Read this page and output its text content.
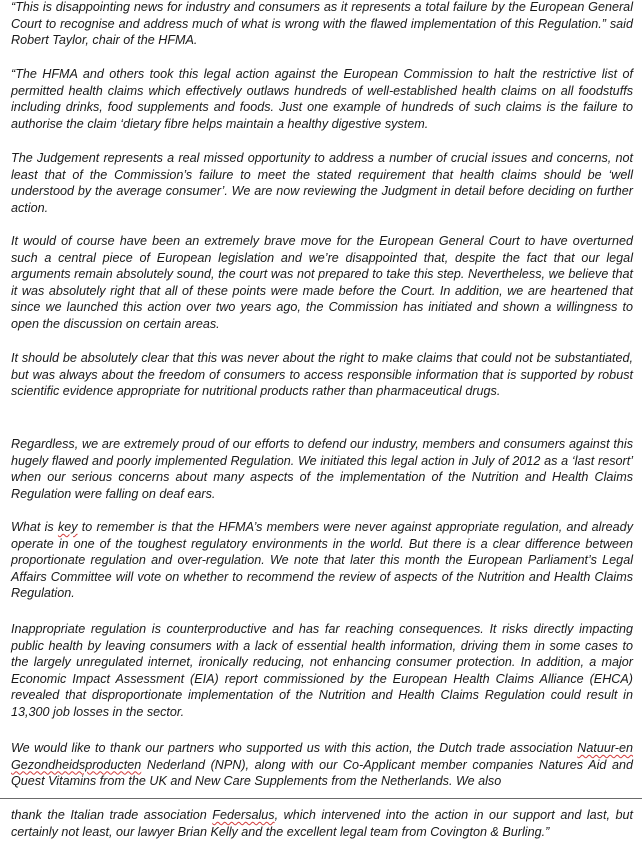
“This is disappointing news for industry and consumers as it represents a total failure by the European General Court to recognise and address much of what is wrong with the flawed implementation of this Regulation.” said Robert Taylor, chair of the HFMA.

“The HFMA and others took this legal action against the European Commission to halt the restrictive list of permitted health claims which effectively outlaws hundreds of well-established health claims on all foodstuffs including drinks, food supplements and foods. Just one example of hundreds of such claims is the failure to authorise the claim ‘dietary fibre helps maintain a healthy digestive system.

The Judgement represents a real missed opportunity to address a number of crucial issues and concerns, not least that of the Commission’s failure to meet the stated requirement that health claims should be ‘well understood by the average consumer’. We are now reviewing the Judgment in detail before deciding on further action.

It would of course have been an extremely brave move for the European General Court to have overturned such a central piece of European legislation and we’re disappointed that, despite the fact that our legal arguments remain absolutely sound, the court was not prepared to take this step. Nevertheless, we believe that it was absolutely right that all of these points were made before the Court. In addition, we are heartened that since we launched this action over two years ago, the Commission has initiated and shown a willingness to open the discussion on certain areas.

It should be absolutely clear that this was never about the right to make claims that could not be substantiated, but was always about the freedom of consumers to access responsible information that is supported by robust scientific evidence appropriate for nutritional products rather than pharmaceutical drugs.

Regardless, we are extremely proud of our efforts to defend our industry, members and consumers against this hugely flawed and poorly implemented Regulation. We initiated this legal action in July of 2012 as a ‘last resort’ when our serious concerns about many aspects of the implementation of the Nutrition and Health Claims Regulation were falling on deaf ears.

What is key to remember is that the HFMA’s members were never against appropriate regulation, and already operate in one of the toughest regulatory environments in the world. But there is a clear difference between proportionate regulation and over-regulation. We note that later this month the European Parliament’s Legal Affairs Committee will vote on whether to recommend the review of aspects of the Nutrition and Health Claims Regulation.

Inappropriate regulation is counterproductive and has far reaching consequences. It risks directly impacting public health by leaving consumers with a lack of essential health information, driving them in some cases to the largely unregulated internet, ironically reducing, not enhancing consumer protection. In addition, a major Economic Impact Assessment (EIA) report commissioned by the European Health Claims Alliance (EHCA) revealed that disproportionate implementation of the Nutrition and Health Claims Regulation could result in 13,300 job losses in the sector.

We would like to thank our partners who supported us with this action, the Dutch trade association Natuur-en Gezondheidsproducten Nederland (NPN), along with our Co-Applicant member companies Natures Aid and Quest Vitamins from the UK and New Care Supplements from the Netherlands. We also

thank the Italian trade association Federsalus, which intervened into the action in our support and last, but certainly not least, our lawyer Brian Kelly and the excellent legal team from Covington & Burling.”
